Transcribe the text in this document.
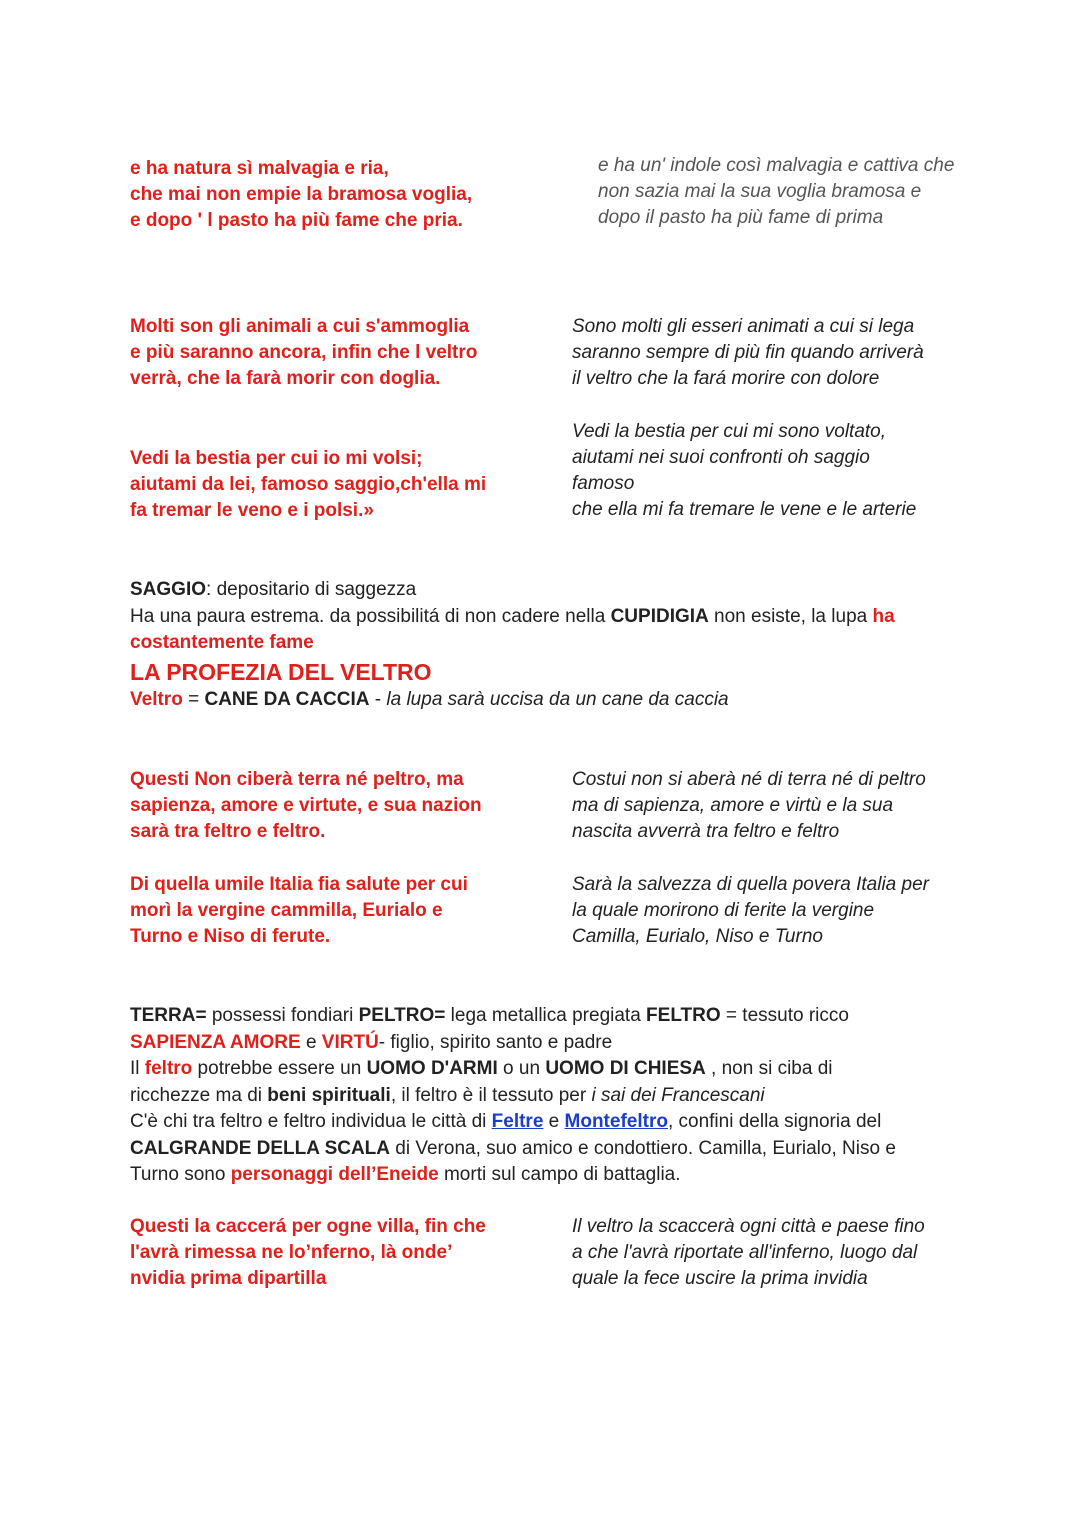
e ha natura sì malvagia e ria,
che mai non empie la bramosa voglia,
e dopo ' l pasto ha più fame che pria.
e ha un' indole così malvagia e cattiva che
non sazia mai la sua voglia bramosa e
dopo il pasto ha più fame di prima
Molti son gli animali a cui s'ammoglia
e più saranno ancora, infin che l veltro
verrà, che la farà morir con doglia.
Sono molti gli esseri animati a cui si lega
saranno sempre di più fin quando arriverà
il veltro che la fará morire con dolore
Vedi la bestia per cui io mi volsi;
aiutami da lei, famoso saggio,ch'ella mi
fa tremar le veno e i polsi.»
Vedi la bestia per cui mi sono voltato,
aiutami nei suoi confronti oh saggio
famoso
che ella mi fa tremare le vene e le arterie
SAGGIO: depositario di saggezza
Ha una paura estrema. da possibilitá di non cadere nella CUPIDIGIA non esiste, la lupa ha
costantemente fame
LA PROFEZIA DEL VELTRO
Veltro = CANE DA CACCIA - la lupa sarà uccisa da un cane da caccia
Questi Non ciberà terra né peltro, ma
sapienza, amore e virtute, e sua nazion
sarà tra feltro e feltro.
Costui non si aberà né di terra né di peltro
ma di sapienza, amore e virtù e la sua
nascita avverrà tra feltro e feltro
Di quella umile Italia fia salute per cui
morì la vergine cammilla, Eurialo e
Turno e Niso di ferute.
Sarà la salvezza di quella povera Italia per
la quale morirono di ferite la vergine
Camilla, Eurialo, Niso e Turno
TERRA= possessi fondiari PELTRO= lega metallica pregiata FELTRO = tessuto ricco
SAPIENZA AMORE e VIRTÚ- figlio, spirito santo e padre
Il feltro potrebbe essere un UOMO D'ARMI o un UOMO DI CHIESA , non si ciba di
ricchezze ma di beni spirituali, il feltro è il tessuto per i sai dei Francescani
C'è chi tra feltro e feltro individua le città di Feltre e Montefeltro, confini della signoria del
CALGRANDE DELLA SCALA di Verona, suo amico e condottiero. Camilla, Eurialo, Niso e
Turno sono personaggi dell’Eneide morti sul campo di battaglia.
Questi la caccerá per ogne villa, fin che
l'avrà rimessa ne lo’nferno, là onde’
nvidia prima dipartilla
Il veltro la scaccerà ogni città e paese fino
a che l'avrà riportate all'inferno, luogo dal
quale la fece uscire la prima invidia
